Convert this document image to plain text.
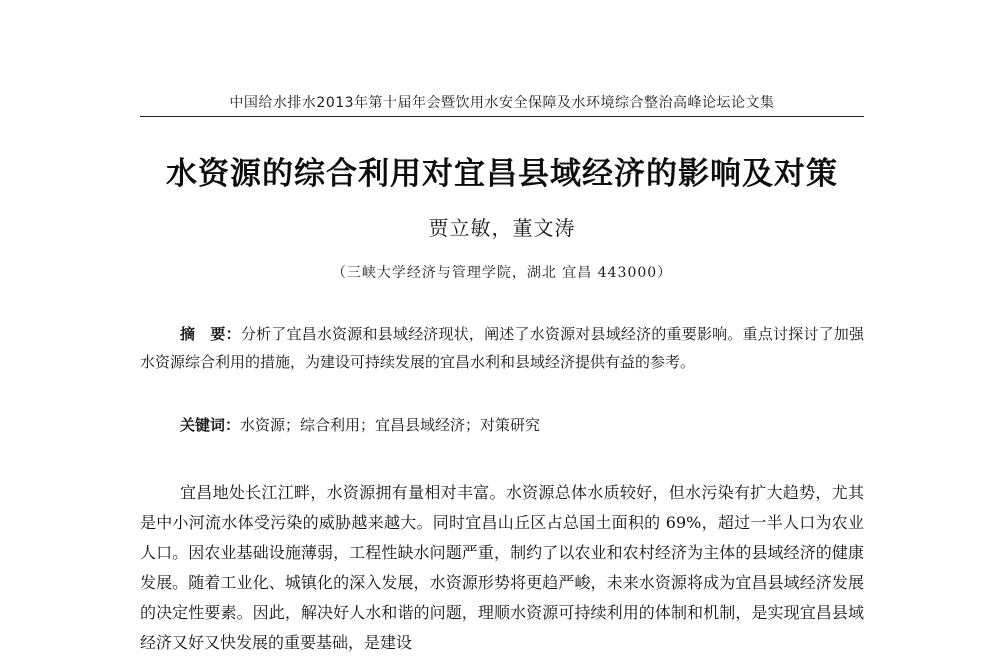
中国给水排水2013年第十届年会暨饮用水安全保障及水环境综合整治高峰论坛论文集
水资源的综合利用对宜昌县域经济的影响及对策
贾立敏，董文涛
（三峡大学经济与管理学院，湖北 宜昌 443000）
摘　要：分析了宜昌水资源和县域经济现状，阐述了水资源对县域经济的重要影响。重点讨探讨了加强水资源综合利用的措施，为建设可持续发展的宜昌水利和县域经济提供有益的参考。
关键词：水资源；综合利用；宜昌县域经济；对策研究
宜昌地处长江江畔，水资源拥有量相对丰富。水资源总体水质较好，但水污染有扩大趋势，尤其是中小河流水体受污染的威胁越来越大。同时宜昌山丘区占总国土面积的 69%，超过一半人口为农业人口。因农业基础设施薄弱，工程性缺水问题严重，制约了以农业和农村经济为主体的县域经济的健康发展。随着工业化、城镇化的深入发展，水资源形势将更趋严峻，未来水资源将成为宜昌县域经济发展的决定性要素。因此，解决好人水和谐的问题，理顺水资源可持续利用的体制和机制，是实现宜昌县域经济又好又快发展的重要基础，是建设
